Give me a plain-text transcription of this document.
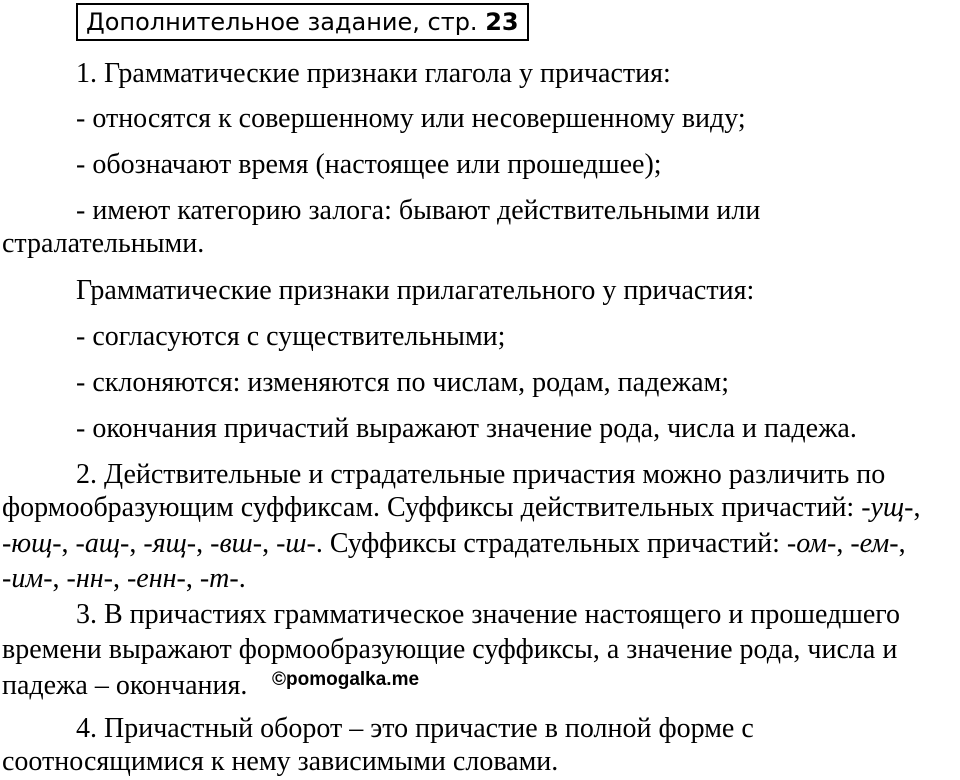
Дополнительное задание, стр. 23
1. Грамматические признаки глагола у причастия:
- относятся к совершенному или несовершенному виду;
- обозначают время (настоящее или прошедшее);
- имеют категорию залога: бывают действительными или
стралательными.
Грамматические признаки прилагательного у причастия:
- согласуются с существительными;
- склоняются: изменяются по числам, родам, падежам;
- окончания причастий выражают значение рода, числа и падежа.
2. Действительные и страдательные причастия можно различить по
формообразующим суффиксам. Суффиксы действительных причастий: -ущ-,
-ющ-, -ащ-, -ящ-, -вш-, -ш-. Суффиксы страдательных причастий: -ом-, -ем-,
-им-, -нн-, -енн-, -т-.
3. В причастиях грамматическое значение настоящего и прошедшего
времени выражают формообразующие суффиксы, а значение рода, числа и
падежа – окончания. ©pomogalka.me
4. Причастный оборот – это причастие в полной форме с
соотносящимися к нему зависимыми словами.
